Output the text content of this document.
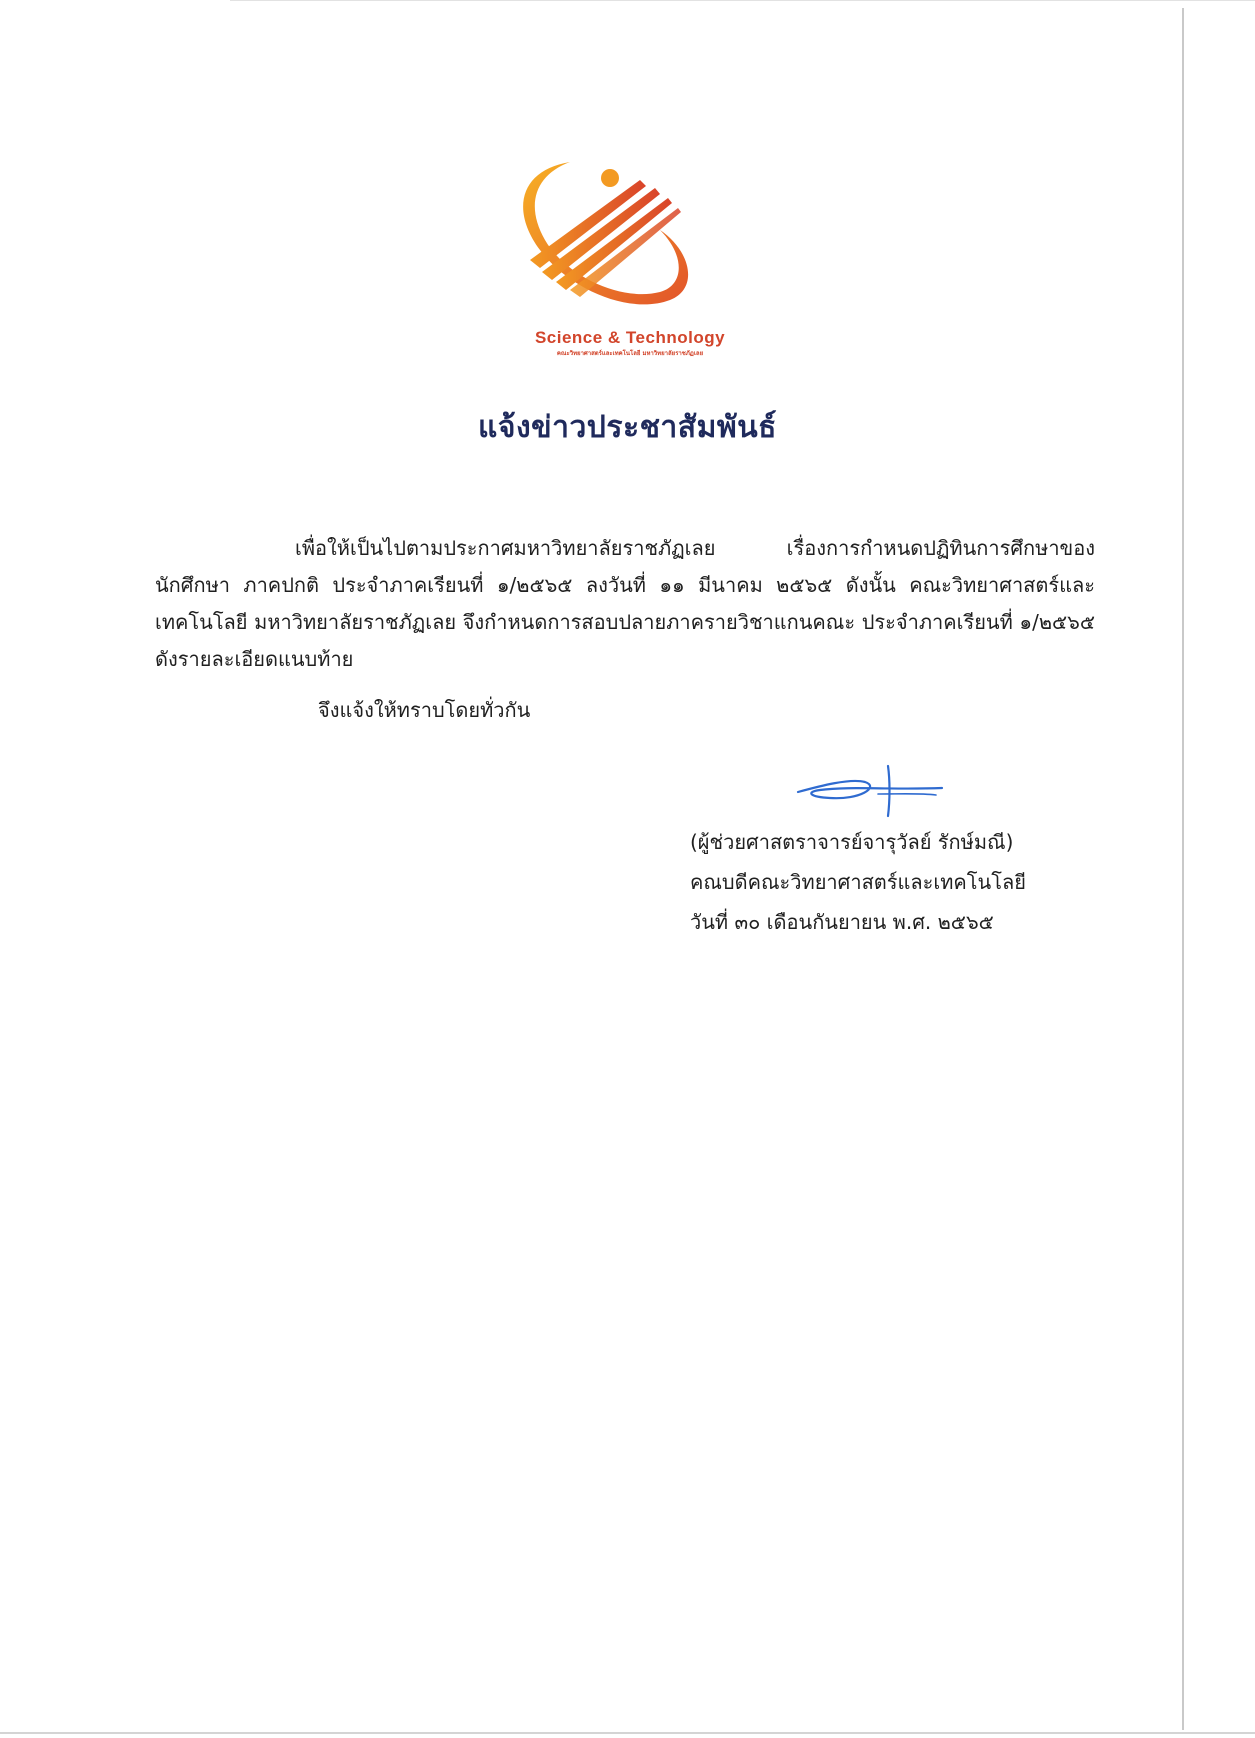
Science & Technology
คณะวิทยาศาสตร์และเทคโนโลยี มหาวิทยาลัยราชภัฏเลย
แจ้งข่าวประชาสัมพันธ์
เพื่อให้เป็นไปตามประกาศมหาวิทยาลัยราชภัฏเลย เรื่องการกำหนดปฏิทินการศึกษาของนักศึกษา ภาคปกติ ประจำภาคเรียนที่ ๑/๒๕๖๕ ลงวันที่ ๑๑ มีนาคม ๒๕๖๕ ดังนั้น คณะวิทยาศาสตร์และเทคโนโลยี มหาวิทยาลัยราชภัฏเลย จึงกำหนดการสอบปลายภาครายวิชาแกนคณะ ประจำภาคเรียนที่ ๑/๒๕๖๕ ดังรายละเอียดแนบท้าย
จึงแจ้งให้ทราบโดยทั่วกัน
(ผู้ช่วยศาสตราจารย์จารุวัลย์ รักษ์มณี)
คณบดีคณะวิทยาศาสตร์และเทคโนโลยี
วันที่ ๓๐ เดือนกันยายน พ.ศ. ๒๕๖๕
